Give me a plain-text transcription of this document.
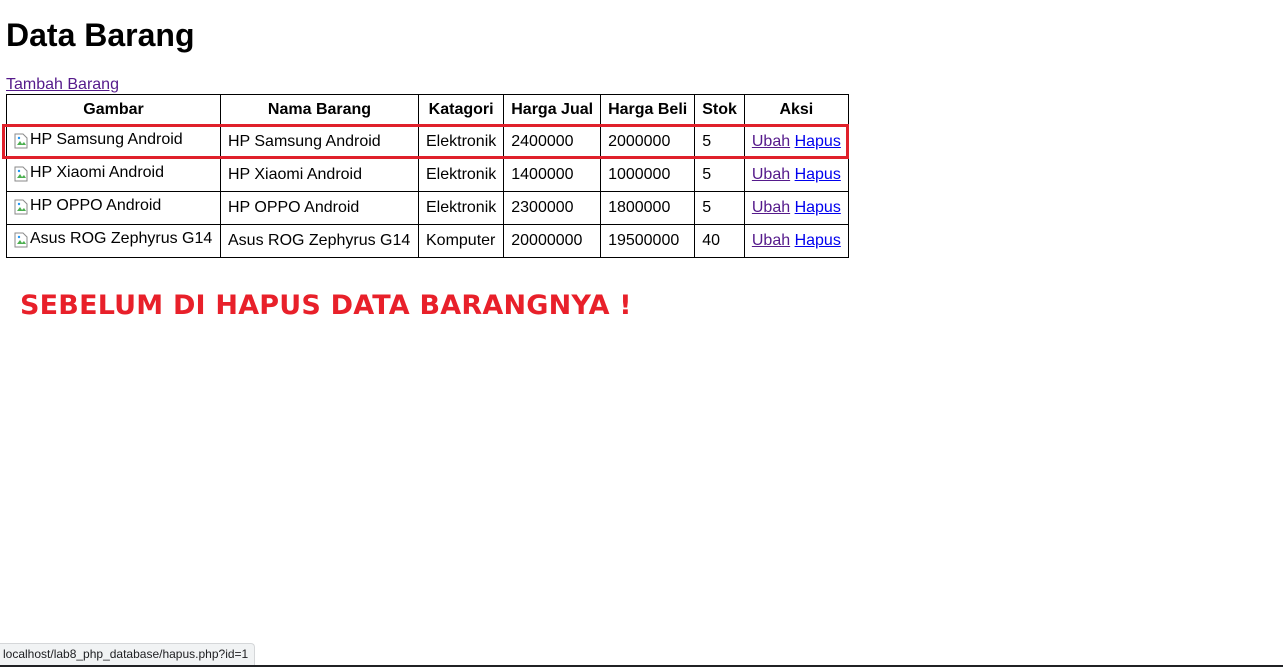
Data Barang
Tambah Barang
Gambar	Nama Barang	Katagori	Harga Jual	Harga Beli	Stok	Aksi

HP Samsung Android	HP Samsung Android	Elektronik	2400000	2000000	5	Ubah Hapus

HP Xiaomi Android	HP Xiaomi Android	Elektronik	1400000	1000000	5	Ubah Hapus

HP OPPO Android	HP OPPO Android	Elektronik	2300000	1800000	5	Ubah Hapus

Asus ROG Zephyrus G14	Asus ROG Zephyrus G14	Komputer	20000000	19500000	40	Ubah Hapus
SEBELUM DI HAPUS DATA BARANGNYA !
localhost/lab8_php_database/hapus.php?id=1
